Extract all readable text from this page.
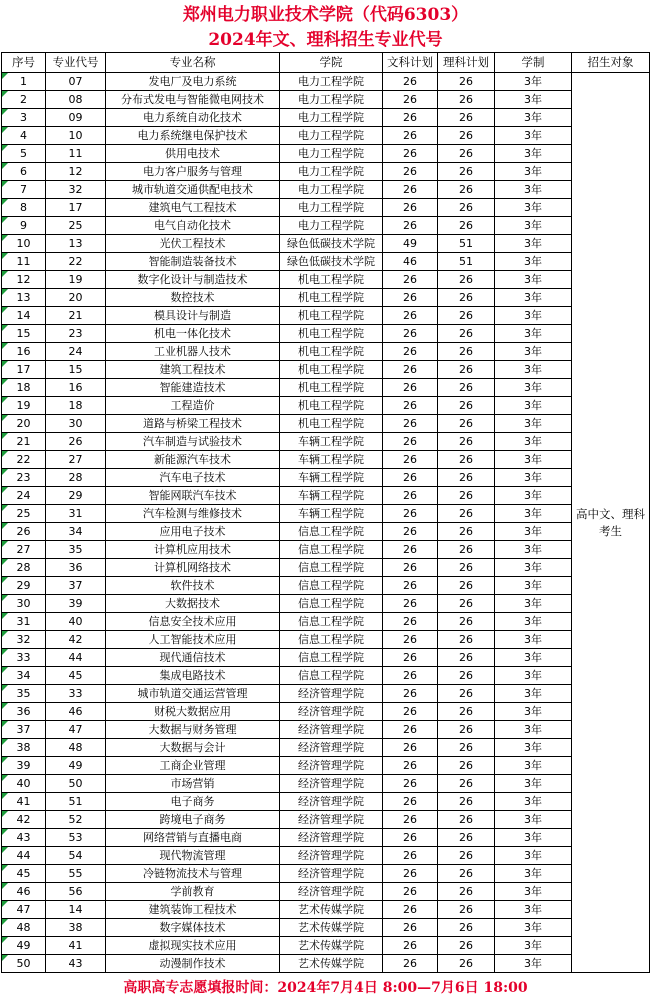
郑州电力职业技术学院（代码6303）
2024年文、理科招生专业代号
序号	专业代号	专业名称	学院	文科计划	理科计划	学制	招生对象
1	07	发电厂及电力系统	电力工程学院	26	26	3年	高中文、理科
考生

2	08	分布式发电与智能微电网技术	电力工程学院	26	26	3年	
3	09	电力系统自动化技术	电力工程学院	26	26	3年	
4	10	电力系统继电保护技术	电力工程学院	26	26	3年	
5	11	供用电技术	电力工程学院	26	26	3年	
6	12	电力客户服务与管理	电力工程学院	26	26	3年	
7	32	城市轨道交通供配电技术	电力工程学院	26	26	3年	
8	17	建筑电气工程技术	电力工程学院	26	26	3年	
9	25	电气自动化技术	电力工程学院	26	26	3年	
10	13	光伏工程技术	绿色低碳技术学院	49	51	3年	
11	22	智能制造装备技术	绿色低碳技术学院	46	51	3年	
12	19	数字化设计与制造技术	机电工程学院	26	26	3年	
13	20	数控技术	机电工程学院	26	26	3年	
14	21	模具设计与制造	机电工程学院	26	26	3年	
15	23	机电一体化技术	机电工程学院	26	26	3年	
16	24	工业机器人技术	机电工程学院	26	26	3年	
17	15	建筑工程技术	机电工程学院	26	26	3年	
18	16	智能建造技术	机电工程学院	26	26	3年	
19	18	工程造价	机电工程学院	26	26	3年	
20	30	道路与桥梁工程技术	机电工程学院	26	26	3年	
21	26	汽车制造与试验技术	车辆工程学院	26	26	3年	
22	27	新能源汽车技术	车辆工程学院	26	26	3年	
23	28	汽车电子技术	车辆工程学院	26	26	3年	
24	29	智能网联汽车技术	车辆工程学院	26	26	3年	
25	31	汽车检测与维修技术	车辆工程学院	26	26	3年	
26	34	应用电子技术	信息工程学院	26	26	3年	
27	35	计算机应用技术	信息工程学院	26	26	3年	
28	36	计算机网络技术	信息工程学院	26	26	3年	
29	37	软件技术	信息工程学院	26	26	3年	
30	39	大数据技术	信息工程学院	26	26	3年	
31	40	信息安全技术应用	信息工程学院	26	26	3年	
32	42	人工智能技术应用	信息工程学院	26	26	3年	
33	44	现代通信技术	信息工程学院	26	26	3年	
34	45	集成电路技术	信息工程学院	26	26	3年	
35	33	城市轨道交通运营管理	经济管理学院	26	26	3年	
36	46	财税大数据应用	经济管理学院	26	26	3年	
37	47	大数据与财务管理	经济管理学院	26	26	3年	
38	48	大数据与会计	经济管理学院	26	26	3年	
39	49	工商企业管理	经济管理学院	26	26	3年	
40	50	市场营销	经济管理学院	26	26	3年	
41	51	电子商务	经济管理学院	26	26	3年	
42	52	跨境电子商务	经济管理学院	26	26	3年	
43	53	网络营销与直播电商	经济管理学院	26	26	3年	
44	54	现代物流管理	经济管理学院	26	26	3年	
45	55	冷链物流技术与管理	经济管理学院	26	26	3年	
46	56	学前教育	经济管理学院	26	26	3年	
47	14	建筑装饰工程技术	艺术传媒学院	26	26	3年	
48	38	数字媒体技术	艺术传媒学院	26	26	3年	
49	41	虚拟现实技术应用	艺术传媒学院	26	26	3年	
50	43	动漫制作技术	艺术传媒学院	26	26	3年	
高职高专志愿填报时间：2024年7月4日 8:00—7月6日 18:00
